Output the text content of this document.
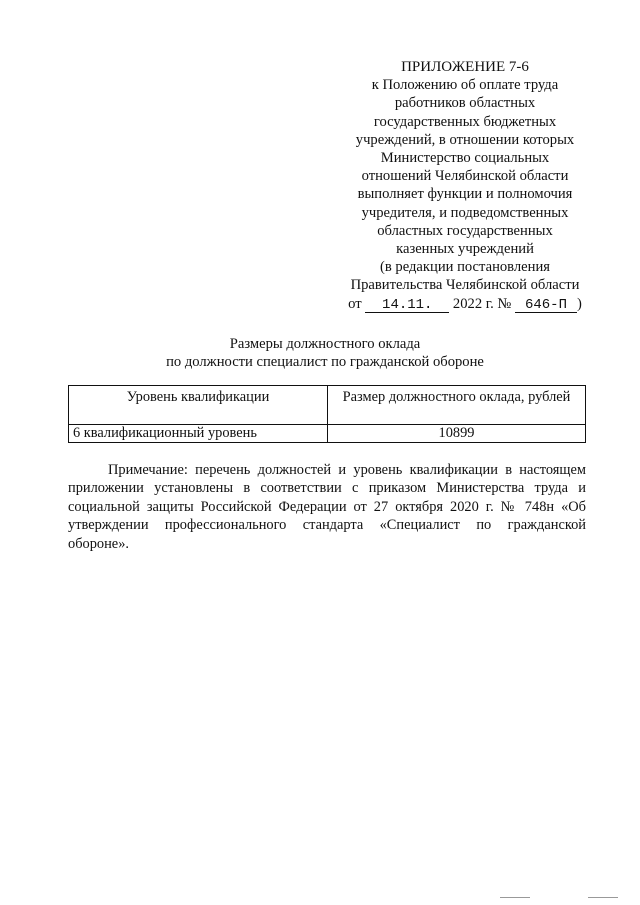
ПРИЛОЖЕНИЕ 7-6
к Положению об оплате труда
работников областных
государственных бюджетных
учреждений, в отношении которых
Министерство социальных
отношений Челябинской области
выполняет функции и полномочия
учредителя, и подведомственных
областных государственных
казенных учреждений
(в редакции постановления
Правительства Челябинской области
от 14.11. 2022 г. № 646-П )
Размеры должностного оклада
по должности специалист по гражданской обороне
Уровень квалификации	Размер должностного оклада, рублей
6 квалификационный уровень	10899

Примечание: перечень должностей и уровень квалификации в настоящем приложении установлены в соответствии с приказом Министерства труда и социальной защиты Российской Федерации от 27 октября 2020 г. № 748н «Об утверждении профессионального стандарта «Специалист по гражданской обороне».
